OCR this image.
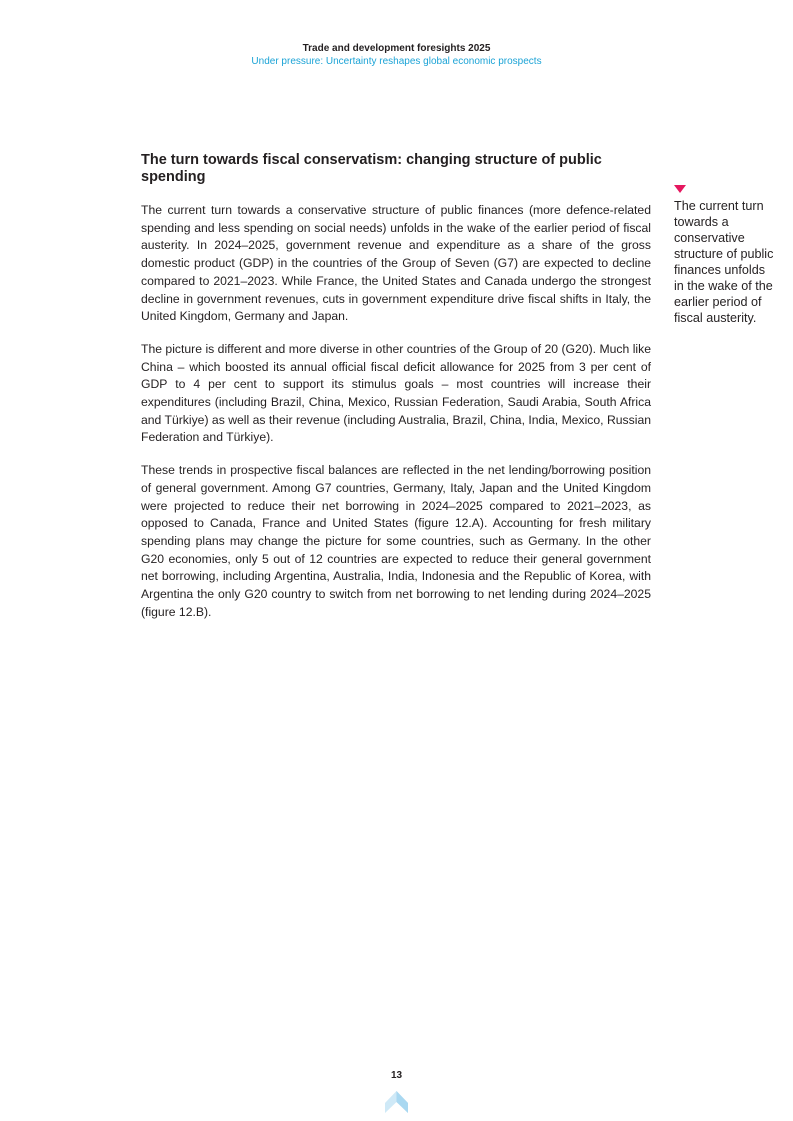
Trade and development foresights 2025
Under pressure: Uncertainty reshapes global economic prospects
The turn towards fiscal conservatism: changing structure of public spending

The current turn towards a conservative structure of public finances (more defence-related spending and less spending on social needs) unfolds in the wake of the earlier period of fiscal austerity. In 2024–2025, government revenue and expenditure as a share of the gross domestic product (GDP) in the countries of the Group of Seven (G7) are expected to decline compared to 2021–2023. While France, the United States and Canada undergo the strongest decline in government revenues, cuts in government expenditure drive fiscal shifts in Italy, the United Kingdom, Germany and Japan.

The picture is different and more diverse in other countries of the Group of 20 (G20). Much like China – which boosted its annual official fiscal deficit allowance for 2025 from 3 per cent of GDP to 4 per cent to support its stimulus goals – most countries will increase their expenditures (including Brazil, China, Mexico, Russian Federation, Saudi Arabia, South Africa and Türkiye) as well as their revenue (including Australia, Brazil, China, India, Mexico, Russian Federation and Türkiye).

These trends in prospective fiscal balances are reflected in the net lending/borrowing position of general government. Among G7 countries, Germany, Italy, Japan and the United Kingdom were projected to reduce their net borrowing in 2024–2025 compared to 2021–2023, as opposed to Canada, France and United States (figure 12.A). Accounting for fresh military spending plans may change the picture for some countries, such as Germany. In the other G20 economies, only 5 out of 12 countries are expected to reduce their general government net borrowing, including Argentina, Australia, India, Indonesia and the Republic of Korea, with Argentina the only G20 country to switch from net borrowing to net lending during 2024–2025 (figure 12.B).

The current turn towards a conservative structure of public finances unfolds in the wake of the earlier period of fiscal austerity.

13
